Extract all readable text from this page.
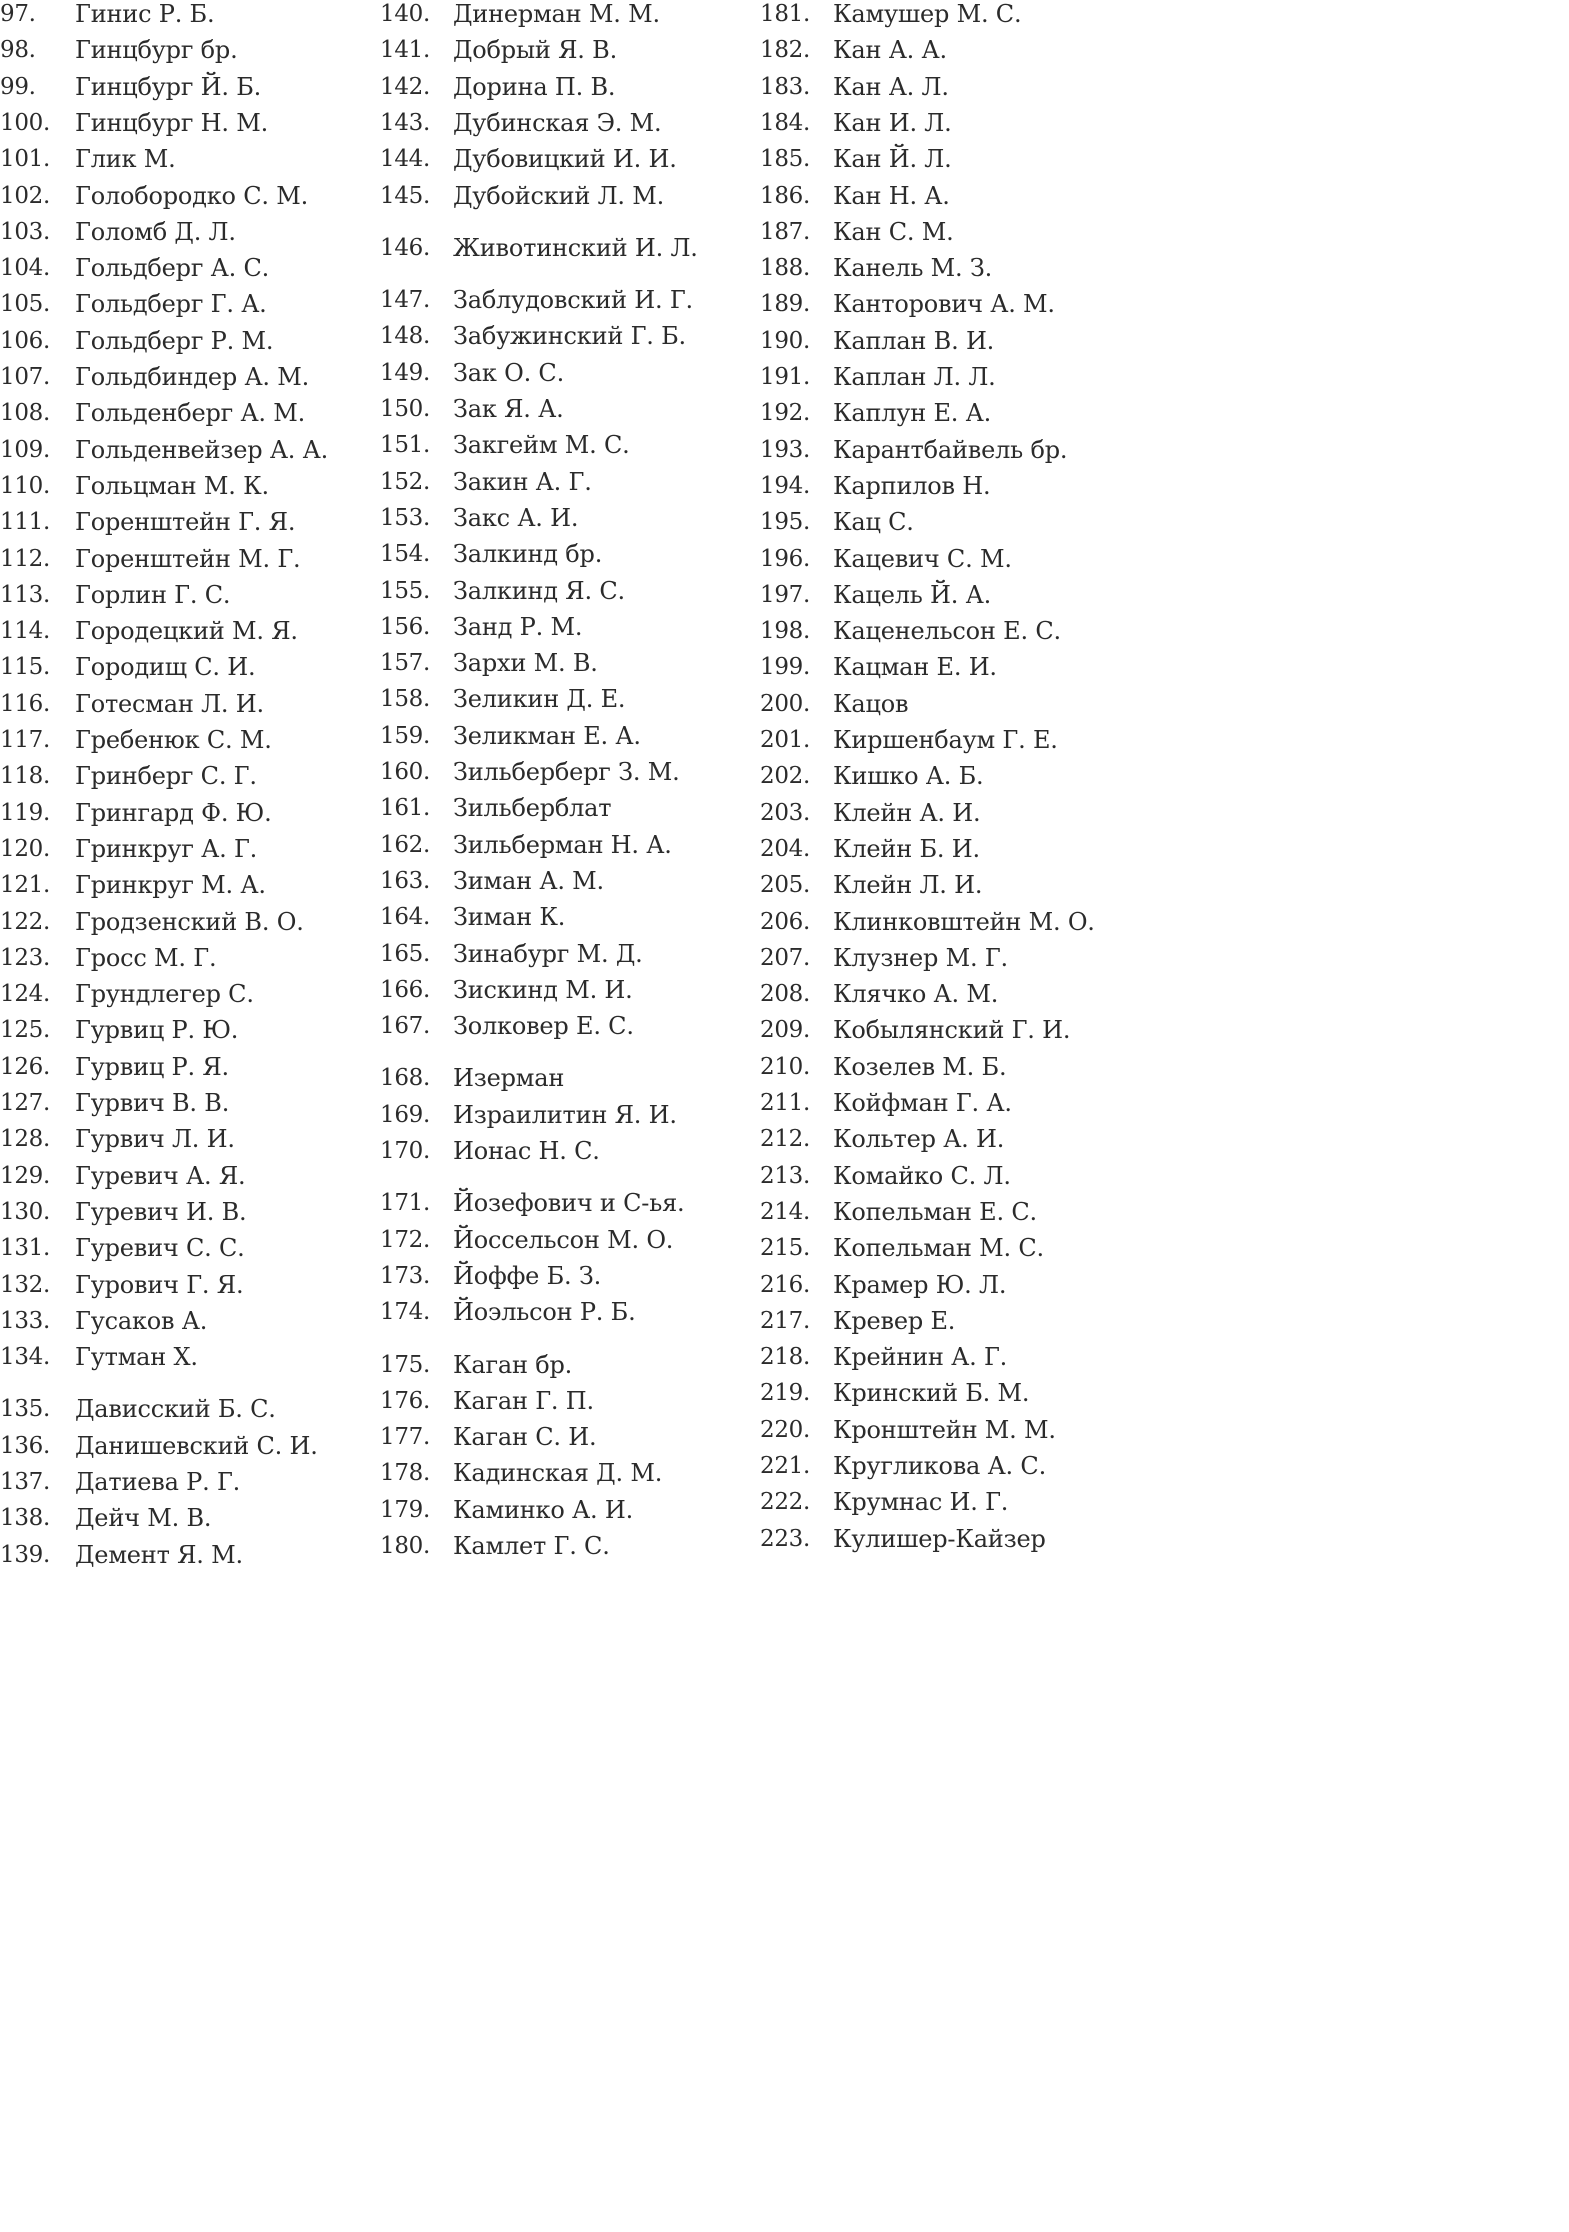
97. Гинис Р. Б.
98. Гинцбург бр.
99. Гинцбург Й. Б.
100. Гинцбург Н. М.
101. Глик М.
102. Голобородко С. М.
103. Голомб Д. Л.
104. Гольдберг А. С.
105. Гольдберг Г. А.
106. Гольдберг Р. М.
107. Гольдбиндер А. М.
108. Гольденберг А. М.
109. Гольденвейзер А. А.
110. Гольцман М. К.
111. Горенштейн Г. Я.
112. Горенштейн М. Г.
113. Горлин Г. С.
114. Городецкий М. Я.
115. Городищ С. И.
116. Готесман Л. И.
117. Гребенюк С. М.
118. Гринберг С. Г.
119. Грингард Ф. Ю.
120. Гринкруг А. Г.
121. Гринкруг М. А.
122. Гродзенский В. О.
123. Гросс М. Г.
124. Грундлегер С.
125. Гурвиц Р. Ю.
126. Гурвиц Р. Я.
127. Гурвич В. В.
128. Гурвич Л. И.
129. Гуревич А. Я.
130. Гуревич И. В.
131. Гуревич С. С.
132. Гурович Г. Я.
133. Гусаков А.
134. Гутман Х.
135. Дависский Б. С.
136. Данишевский С. И.
137. Датиева Р. Г.
138. Дейч М. В.
139. Демент Я. М.
140. Динерман М. М.
141. Добрый Я. В.
142. Дорина П. В.
143. Дубинская Э. М.
144. Дубовицкий И. И.
145. Дубойский Л. М.
146. Животинский И. Л.
147. Заблудовский И. Г.
148. Забужинский Г. Б.
149. Зак О. С.
150. Зак Я. А.
151. Закгейм М. С.
152. Закин А. Г.
153. Закс А. И.
154. Залкинд бр.
155. Залкинд Я. С.
156. Занд Р. М.
157. Зархи М. В.
158. Зеликин Д. Е.
159. Зеликман Е. А.
160. Зильберберг З. М.
161. Зильберблат
162. Зильберман Н. А.
163. Зиман А. М.
164. Зиман К.
165. Зинабург М. Д.
166. Зискинд М. И.
167. Золковер Е. С.
168. Изерман
169. Израилитин Я. И.
170. Ионас Н. С.
171. Йозефович и С-ья.
172. Йоссельсон М. О.
173. Йоффе Б. З.
174. Йоэльсон Р. Б.
175. Каган бр.
176. Каган Г. П.
177. Каган С. И.
178. Кадинская Д. М.
179. Каминко А. И.
180. Камлет Г. С.
181. Камушер М. С.
182. Кан А. А.
183. Кан А. Л.
184. Кан И. Л.
185. Кан Й. Л.
186. Кан Н. А.
187. Кан С. М.
188. Канель М. З.
189. Канторович А. М.
190. Каплан В. И.
191. Каплан Л. Л.
192. Каплун Е. А.
193. Карантбайвель бр.
194. Карпилов Н.
195. Кац С.
196. Кацевич С. М.
197. Кацель Й. А.
198. Каценельсон Е. С.
199. Кацман Е. И.
200. Кацов
201. Киршенбаум Г. Е.
202. Кишко А. Б.
203. Клейн А. И.
204. Клейн Б. И.
205. Клейн Л. И.
206. Клинковштейн М. О.
207. Клузнер М. Г.
208. Клячко А. М.
209. Кобылянский Г. И.
210. Козелев М. Б.
211. Койфман Г. А.
212. Кольтер А. И.
213. Комайко С. Л.
214. Копельман Е. С.
215. Копельман М. С.
216. Крамер Ю. Л.
217. Кревер Е.
218. Крейнин А. Г.
219. Кринский Б. М.
220. Кронштейн М. М.
221. Кругликова А. С.
222. Крумнас И. Г.
223. Кулишер-Кайзер
